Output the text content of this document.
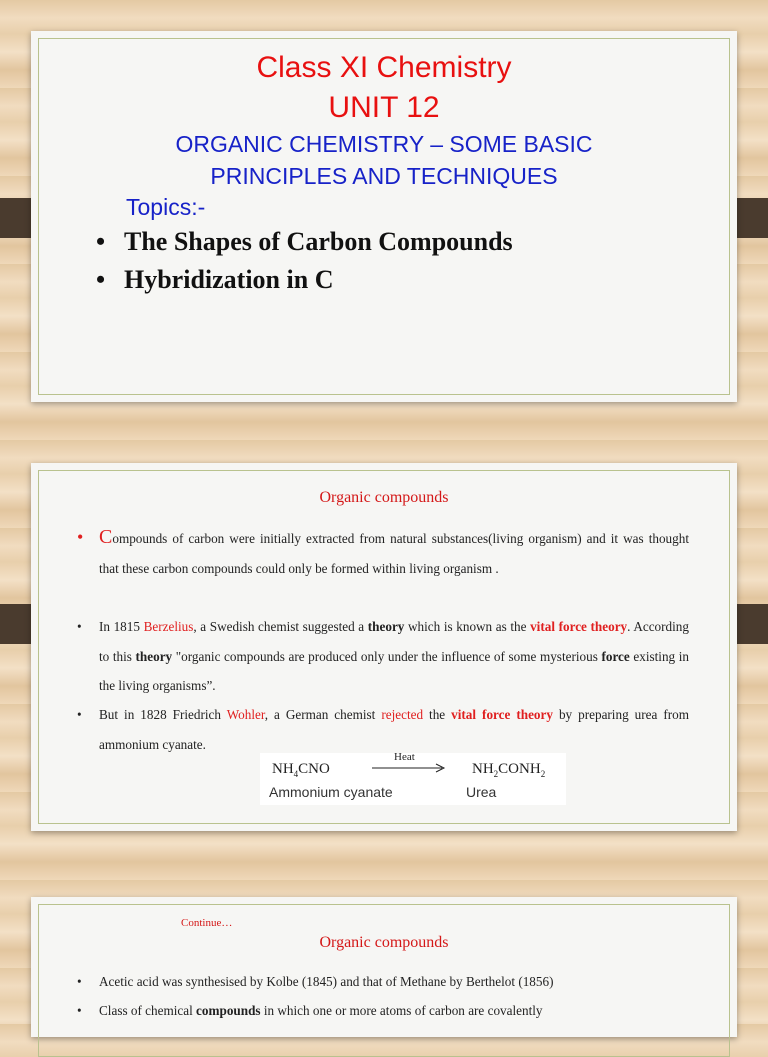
Class XI Chemistry
UNIT 12
ORGANIC CHEMISTRY – SOME BASIC
PRINCIPLES AND TECHNIQUES
Topics:-
• The Shapes of Carbon Compounds
• Hybridization in C
Organic compounds
• Compounds of carbon were initially extracted from natural substances(living organism) and it was thought that these carbon compounds could only be formed within living organism .
• In 1815 Berzelius, a Swedish chemist suggested a theory which is known as the vital force theory. According to this theory "organic compounds are produced only under the influence of some mysterious force existing in the living organisms”.
• But in 1828 Friedrich Wohler, a German chemist rejected the vital force theory by preparing urea from ammonium cyanate.
$NH_4CNO$
Heat
$NH_2CONH_2$
Ammonium cyanate	Urea
Continue…
Organic compounds
• Acetic acid was synthesised by Kolbe (1845) and that of Methane by Berthelot (1856)
• Class of chemical compounds in which one or more atoms of carbon are covalently
